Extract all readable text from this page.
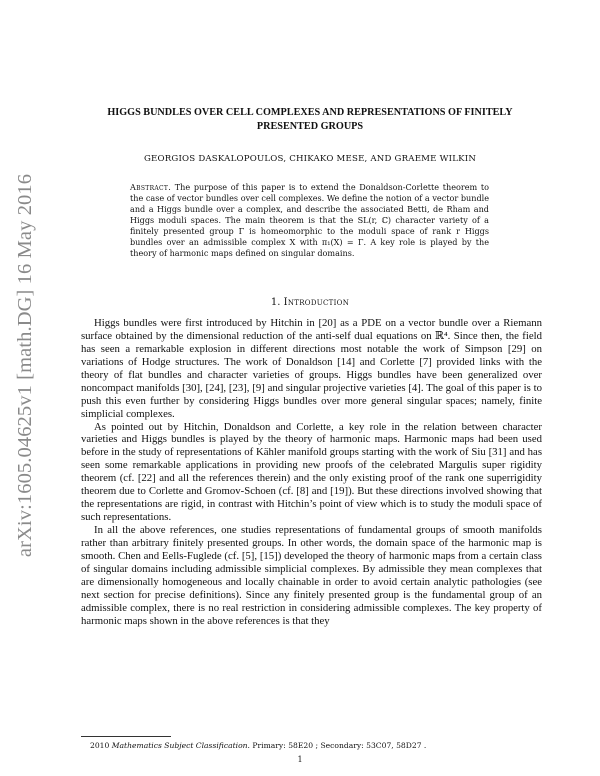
arXiv:1605.04625v1 [math.DG] 16 May 2016
HIGGS BUNDLES OVER CELL COMPLEXES AND REPRESENTATIONS OF FINITELY PRESENTED GROUPS
GEORGIOS DASKALOPOULOS, CHIKAKO MESE, AND GRAEME WILKIN
Abstract. The purpose of this paper is to extend the Donaldson-Corlette theorem to the case of vector bundles over cell complexes. We define the notion of a vector bundle and a Higgs bundle over a complex, and describe the associated Betti, de Rham and Higgs moduli spaces. The main theorem is that the SL(r, ℂ) character variety of a finitely presented group Γ is homeomorphic to the moduli space of rank r Higgs bundles over an admissible complex X with π₁(X) = Γ. A key role is played by the theory of harmonic maps defined on singular domains.
1. Introduction

Higgs bundles were first introduced by Hitchin in [20] as a PDE on a vector bundle over a Riemann surface obtained by the dimensional reduction of the anti-self dual equations on ℝ⁴. Since then, the field has seen a remarkable explosion in different directions most notable the work of Simpson [29] on variations of Hodge structures. The work of Donaldson [14] and Corlette [7] provided links with the theory of flat bundles and character varieties of groups. Higgs bundles have been generalized over noncompact manifolds [30], [24], [23], [9] and singular projective varieties [4]. The goal of this paper is to push this even further by considering Higgs bundles over more general singular spaces; namely, finite simplicial complexes.

As pointed out by Hitchin, Donaldson and Corlette, a key role in the relation between character varieties and Higgs bundles is played by the theory of harmonic maps. Harmonic maps had been used before in the study of representations of Kähler manifold groups starting with the work of Siu [31] and has seen some remarkable applications in providing new proofs of the celebrated Margulis super rigidity theorem (cf. [22] and all the references therein) and the only existing proof of the rank one superrigidity theorem due to Corlette and Gromov-Schoen (cf. [8] and [19]). But these directions involved showing that the representations are rigid, in contrast with Hitchin’s point of view which is to study the moduli space of such representations.

In all the above references, one studies representations of fundamental groups of smooth manifolds rather than arbitrary finitely presented groups. In other words, the domain space of the harmonic map is smooth. Chen and Eells-Fuglede (cf. [5], [15]) developed the theory of harmonic maps from a certain class of singular domains including admissible simplicial complexes. By admissible they mean complexes that are dimensionally homogeneous and locally chainable in order to avoid certain analytic pathologies (see next section for precise definitions). Since any finitely presented group is the fundamental group of an admissible complex, there is no real restriction in considering admissible complexes. The key property of harmonic maps shown in the above references is that they

2010 Mathematics Subject Classification. Primary: 58E20 ; Secondary: 53C07, 58D27 .
1
